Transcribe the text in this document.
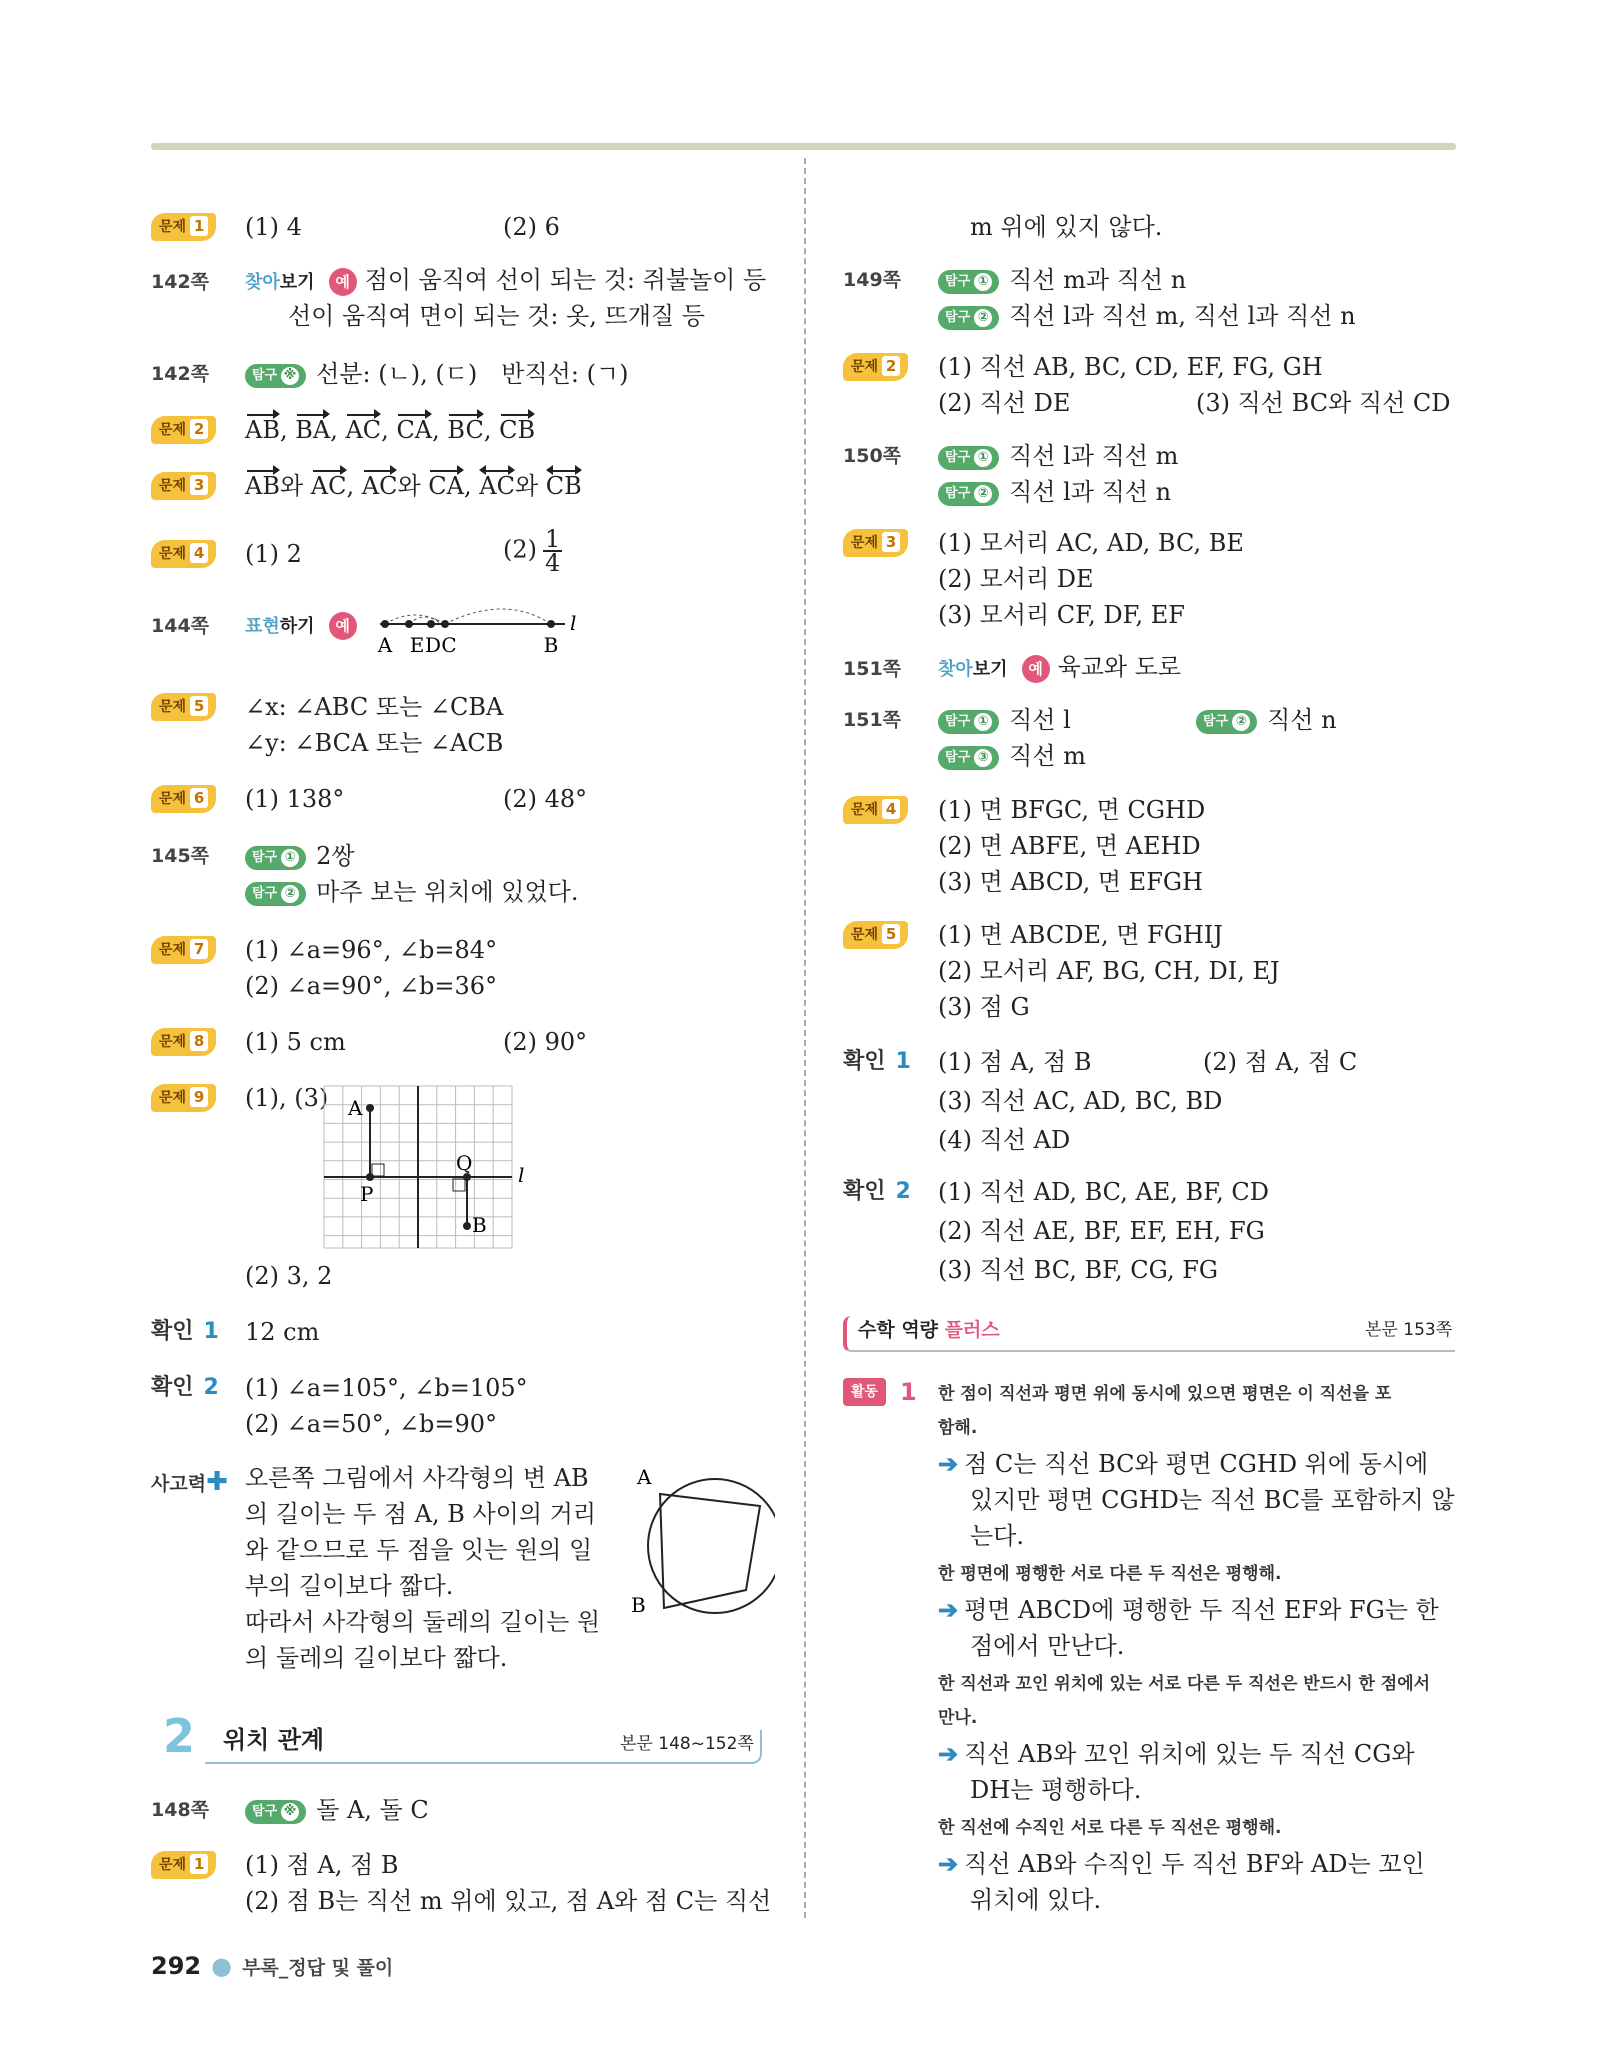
문제 1	(1) 4	(2) 6
142쪽 찾아보기 예 점이 움직여 선이 되는 것: 쥐불놀이 등
선이 움직여 면이 되는 것: 옷, 뜨개질 등
142쪽	탐구 ※ 선분: (ㄴ), (ㄷ) 반직선: (ㄱ)
문제 2	AB, BA, AC, CA, BC, CB
문제 3	AB와 AC, AC와 CA, AC
와 CB
문제 4	(1) 2	$(2) \frac{1}{4}$
144쪽 표현하기 예
A E D C	B
l
문제 5	∠x: ∠ABC 또는 ∠CBA
∠y: ∠BCA 또는 ∠ACB
문제 6	(1) 138°	(2) 48°
145쪽	탐구 ① 2쌍
탐구 ② 마주 보는 위치에 있었다.
문제 7	(1) ∠a=96°, ∠b=84°
(2) ∠a=90°, ∠b=36°
문제 8	(1) 5 cm	(2) 90°
문제 9	(1), (3) A
P
Q
B
l
(2) 3, 2
확인 1 12 cm
확인 2 (1) ∠a=105°, ∠b=105°
(2) ∠a=50°, ∠b=90°
사고력✚ 오른쪽 그림에서 사각형의 변 AB
의 길이는 두 점 A, B 사이의 거리
와 같으므로 두 점을 잇는 원의 일
부의 길이보다 짧다.
따라서 사각형의 둘레의 길이는 원
의 둘레의 길이보다 짧다.
A
B
2 위치 관계	본문 148~152쪽
148쪽	탐구 ※ 돌 A, 돌 C
문제 1	(1) 점 A, 점 B
(2) 점 B는 직선 m 위에 있고, 점 A와 점 C는 직선
m 위에 있지 않다.
149쪽	탐구 ① 직선 m과 직선 n
탐구 ② 직선 l과 직선 m, 직선 l과 직선 n
문제 2	(1) 직선 AB, BC, CD, EF, FG, GH
(2) 직선 DE	(3) 직선 BC와 직선 CD
150쪽	탐구 ① 직선 l과 직선 m
탐구 ② 직선 l과 직선 n
문제 3	(1) 모서리 AC, AD, BC, BE
(2) 모서리 DE
(3) 모서리 CF, DF, EF
151쪽 찾아보기 예 육교와 도로
151쪽	탐구 ① 직선 l	탐구 ② 직선 n
탐구 ③ 직선 m
문제 4	(1) 면 BFGC, 면 CGHD
(2) 면 ABFE, 면 AEHD
(3) 면 ABCD, 면 EFGH
문제 5	(1) 면 ABCDE, 면 FGHIJ
(2) 모서리 AF, BG, CH, DI, EJ
(3) 점 G
확인 1 (1) 점 A, 점 B	(2) 점 A, 점 C
(3) 직선 AC, AD, BC, BD
(4) 직선 AD
확인 2 (1) 직선 AD, BC, AE, BF, CD
(2) 직선 AE, BF, EF, EH, FG
(3) 직선 BC, BF, CG, FG
수학 역량 플러스	본문 153쪽
활동 1 한 점이 직선과 평면 위에 동시에 있으면 평면은 이 직선을 포
함해.
➔ 점 C는 직선 BC와 평면 CGHD 위에 동시에
있지만 평면 CGHD는 직선 BC를 포함하지 않
는다.
한 평면에 평행한 서로 다른 두 직선은 평행해.
➔ 평면 ABCD에 평행한 두 직선 EF와 FG는 한
점에서 만난다.
한 직선과 꼬인 위치에 있는 서로 다른 두 직선은 반드시 한 점에서
만나.
➔ 직선 AB와 꼬인 위치에 있는 두 직선 CG와
DH는 평행하다.
한 직선에 수직인 서로 다른 두 직선은 평행해.
➔ 직선 AB와 수직인 두 직선 BF와 AD는 꼬인
위치에 있다.
292 ● 부록_정답 및 풀이
